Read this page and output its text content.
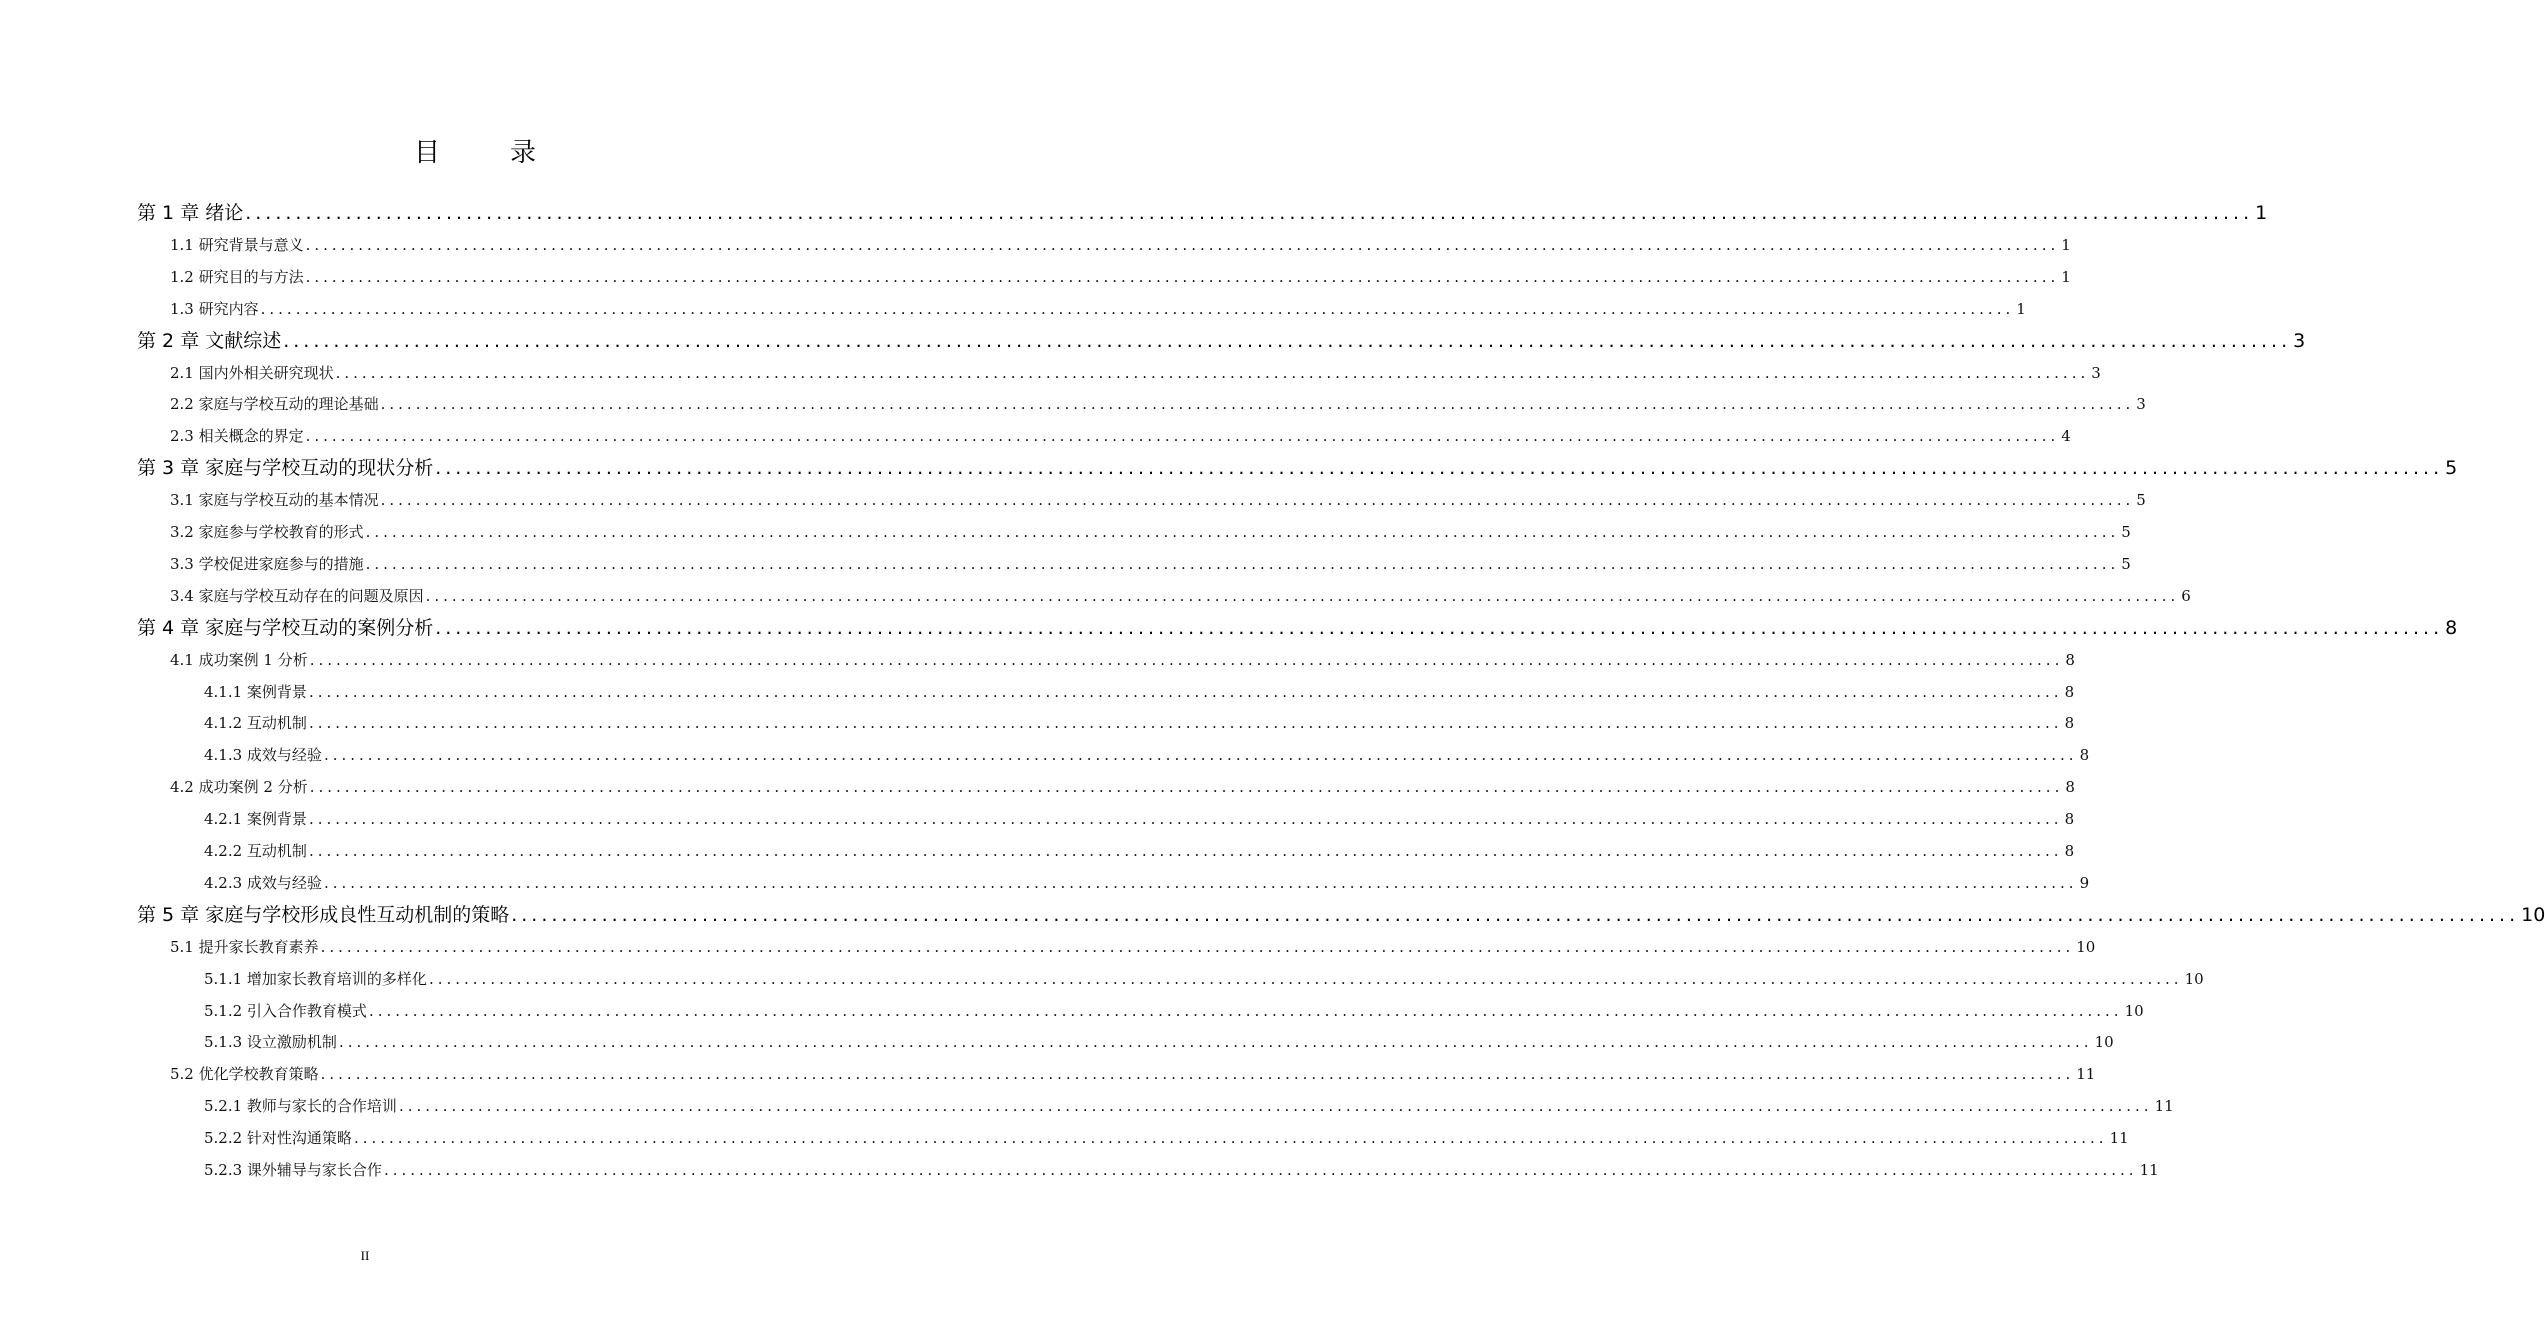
目　录
第 1 章 绪论 ........................................................................................................................................................................................................ 1
1.1 研究背景与意义 ........................................................................................................................................................................................................ 1
1.2 研究目的与方法 ........................................................................................................................................................................................................ 1
1.3 研究内容 ........................................................................................................................................................................................................ 1
第 2 章 文献综述 ........................................................................................................................................................................................................ 3
2.1 国内外相关研究现状 ........................................................................................................................................................................................................ 3
2.2 家庭与学校互动的理论基础 ........................................................................................................................................................................................................ 3
2.3 相关概念的界定 ........................................................................................................................................................................................................ 4
第 3 章 家庭与学校互动的现状分析 ........................................................................................................................................................................................................ 5
3.1 家庭与学校互动的基本情况 ........................................................................................................................................................................................................ 5
3.2 家庭参与学校教育的形式 ........................................................................................................................................................................................................ 5
3.3 学校促进家庭参与的措施 ........................................................................................................................................................................................................ 5
3.4 家庭与学校互动存在的问题及原因 ........................................................................................................................................................................................................ 6
第 4 章 家庭与学校互动的案例分析 ........................................................................................................................................................................................................ 8
4.1 成功案例 1 分析 ........................................................................................................................................................................................................ 8
4.1.1 案例背景 ........................................................................................................................................................................................................ 8
4.1.2 互动机制 ........................................................................................................................................................................................................ 8
4.1.3 成效与经验 ........................................................................................................................................................................................................ 8
4.2 成功案例 2 分析 ........................................................................................................................................................................................................ 8
4.2.1 案例背景 ........................................................................................................................................................................................................ 8
4.2.2 互动机制 ........................................................................................................................................................................................................ 8
4.2.3 成效与经验 ........................................................................................................................................................................................................ 9
第 5 章 家庭与学校形成良性互动机制的策略 ........................................................................................................................................................................................................ 10
5.1 提升家长教育素养 ........................................................................................................................................................................................................ 10
5.1.1 增加家长教育培训的多样化 ........................................................................................................................................................................................................ 10
5.1.2 引入合作教育模式 ........................................................................................................................................................................................................ 10
5.1.3 设立激励机制 ........................................................................................................................................................................................................ 10
5.2 优化学校教育策略 ........................................................................................................................................................................................................ 11
5.2.1 教师与家长的合作培训 ........................................................................................................................................................................................................ 11
5.2.2 针对性沟通策略 ........................................................................................................................................................................................................ 11
5.2.3 课外辅导与家长合作 ........................................................................................................................................................................................................ 11
II
